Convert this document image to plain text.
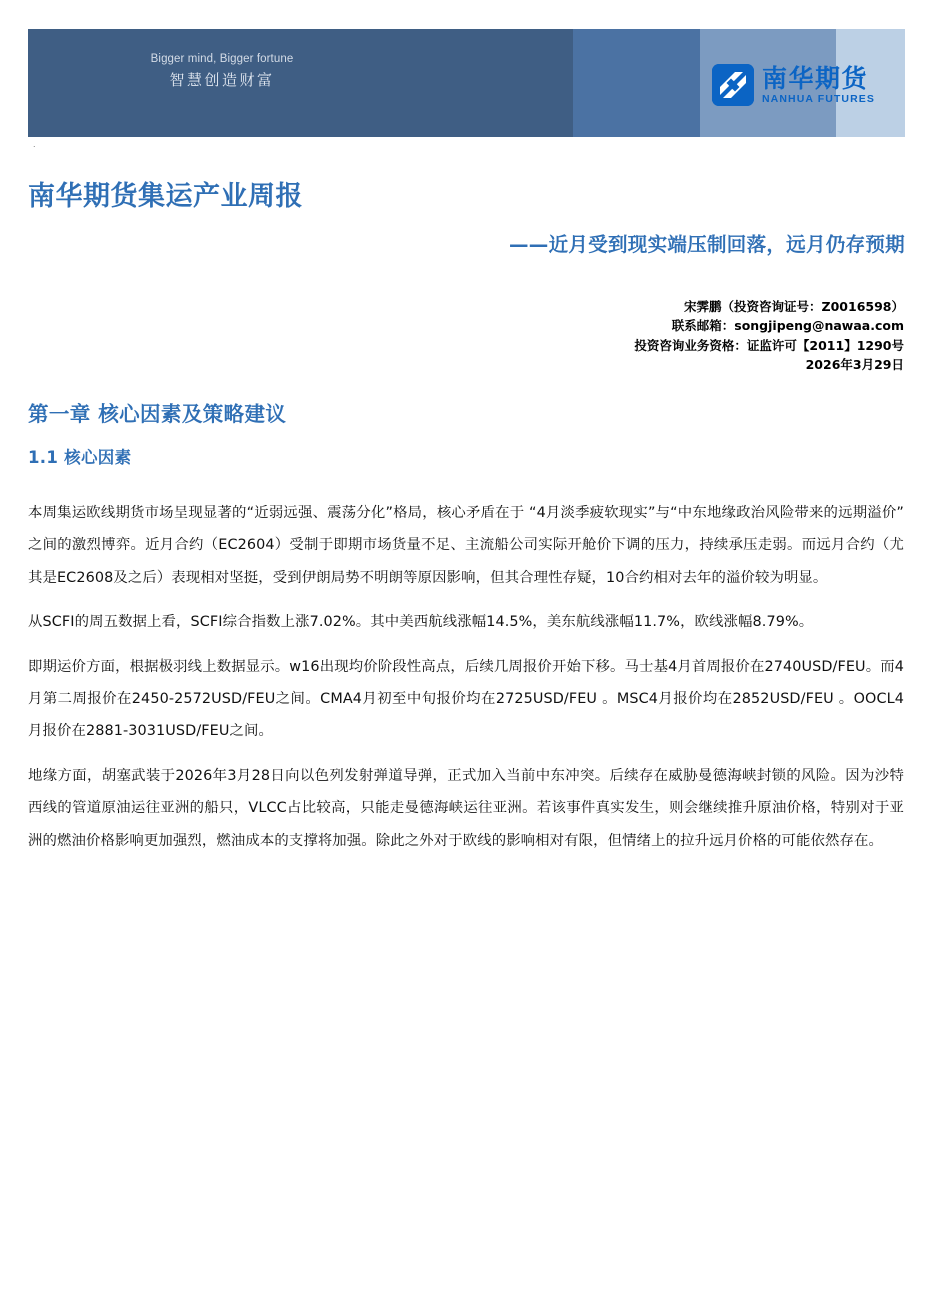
Bigger mind, Bigger fortune
智慧创造财富	南华期货
NANHUA FUTURES
.
南华期货集运产业周报
——近月受到现实端压制回落，远月仍存预期
宋霁鹏（投资咨询证号：Z0016598）
联系邮箱：songjipeng@nawaa.com
投资咨询业务资格：证监许可【2011】1290号
2026年3月29日
第一章 核心因素及策略建议
1.1 核心因素

本周集运欧线期货市场呈现显著的“近弱远强、震荡分化”格局，核心矛盾在于 “4月淡季疲软现实”与“中东地缘政治风险带来的远期溢价” 之间的激烈博弈。近月合约（EC2604）受制于即期市场货量不足、主流船公司实际开舱价下调的压力，持续承压走弱。而远月合约（尤其是EC2608及之后）表现相对坚挺，受到伊朗局势不明朗等原因影响，但其合理性存疑，10合约相对去年的溢价较为明显。

从SCFI的周五数据上看，SCFI综合指数上涨7.02%。其中美西航线涨幅14.5%，美东航线涨幅11.7%，欧线涨幅8.79%。

即期运价方面，根据极羽线上数据显示。w16出现均价阶段性高点，后续几周报价开始下移。马士基4月首周报价在2740USD/FEU。而4月第二周报价在2450-2572USD/FEU之间。CMA4月初至中旬报价均在2725USD/FEU 。MSC4月报价均在2852USD/FEU 。OOCL4月报价在2881-3031USD/FEU之间。

地缘方面，胡塞武装于2026年3月28日向以色列发射弹道导弹，正式加入当前中东冲突。后续存在威胁曼德海峡封锁的风险。因为沙特西线的管道原油运往亚洲的船只，VLCC占比较高，只能走曼德海峡运往亚洲。若该事件真实发生，则会继续推升原油价格，特别对于亚洲的燃油价格影响更加强烈，燃油成本的支撑将加强。除此之外对于欧线的影响相对有限，但情绪上的拉升远月价格的可能依然存在。
